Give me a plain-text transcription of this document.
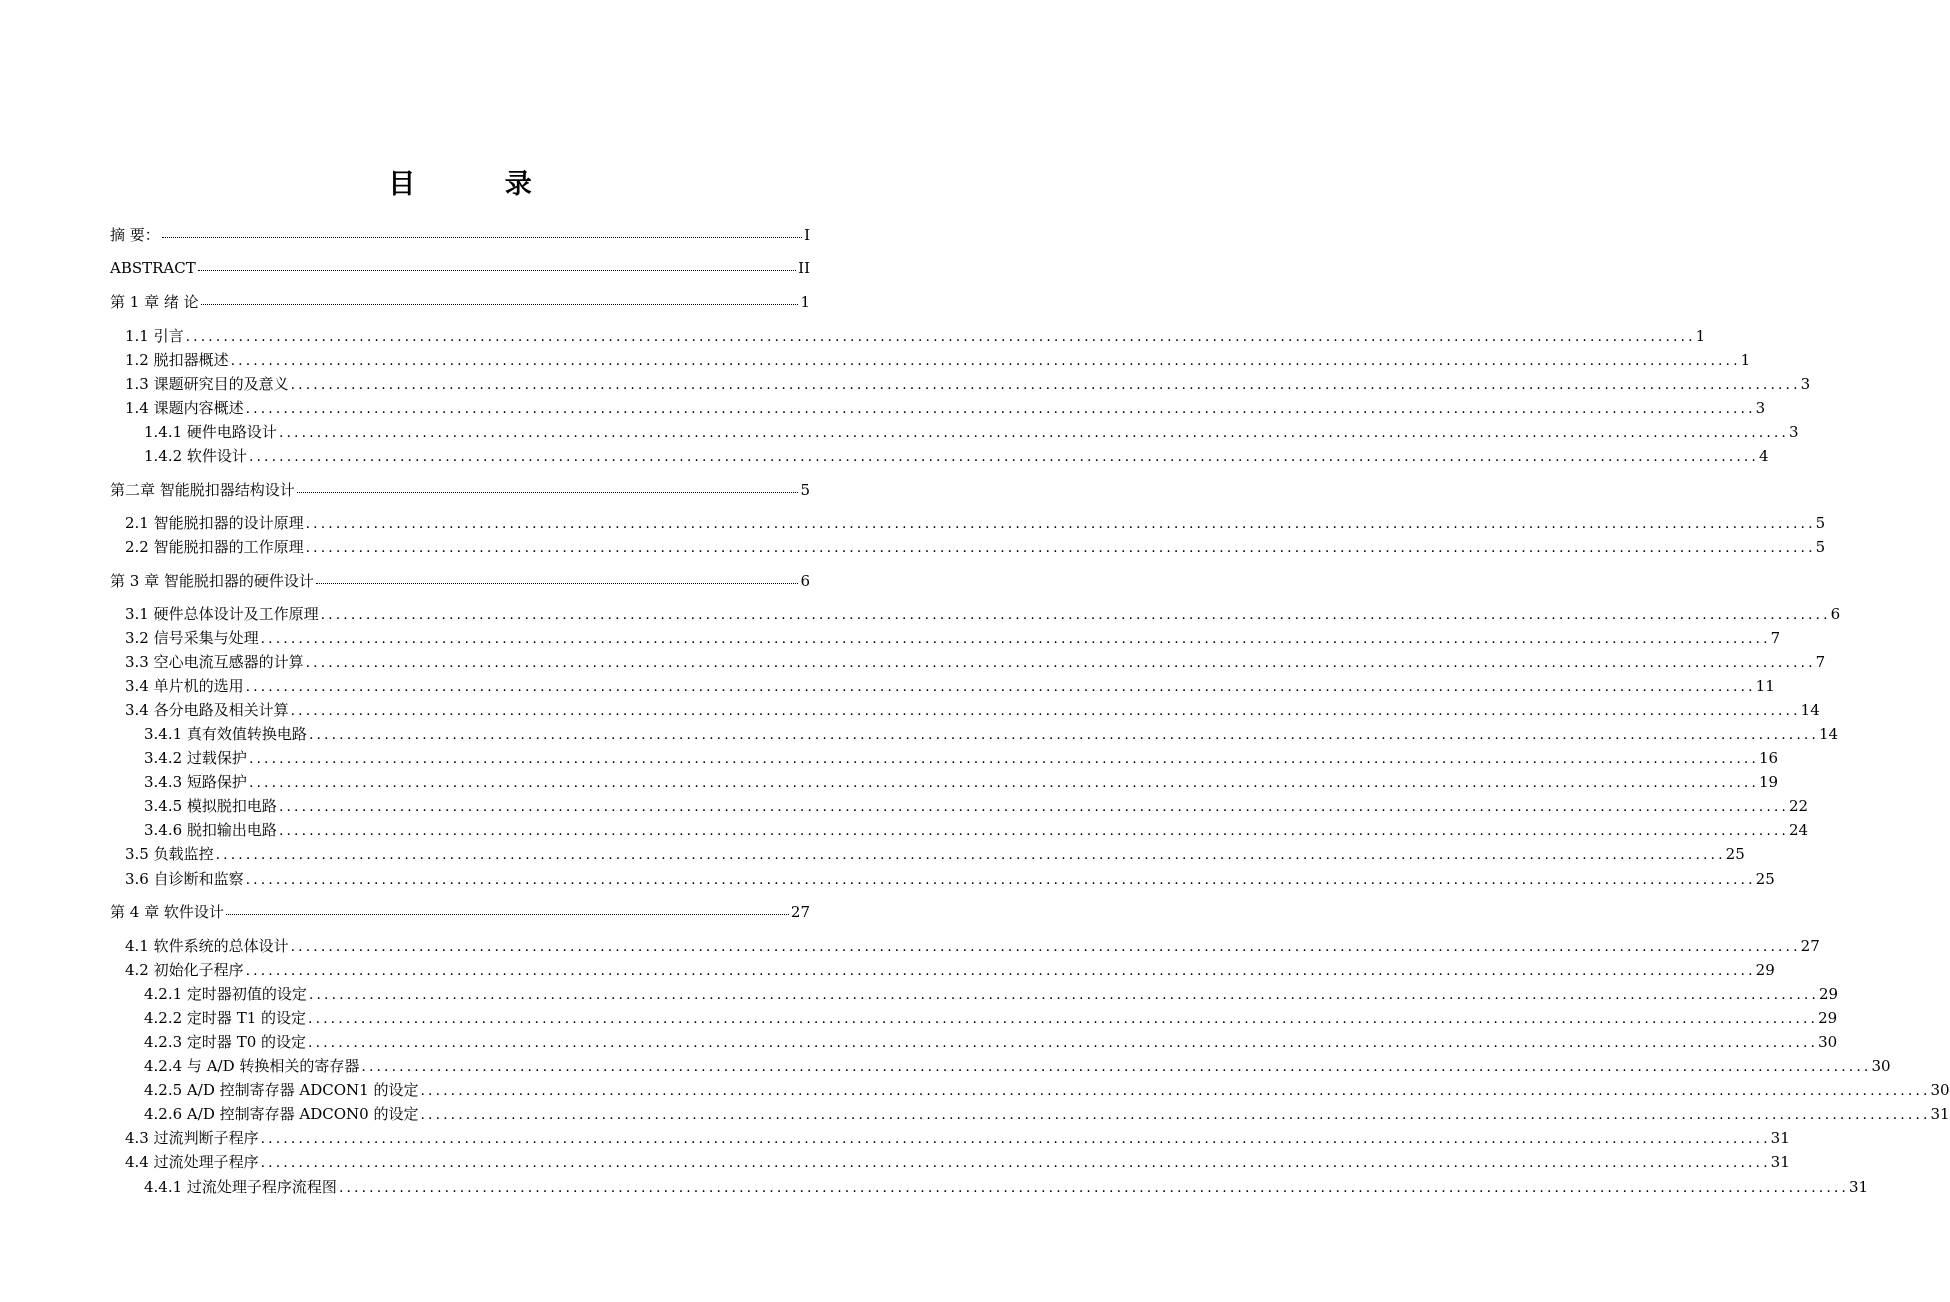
目 录
摘 要：	I
ABSTRACT	II
第 1 章 绪 论	1
1.1 引言 ........................................................................................................................................................................................................ 1
1.2 脱扣器概述 ........................................................................................................................................................................................................ 1
1.3 课题研究目的及意义 ........................................................................................................................................................................................................ 3
1.4 课题内容概述 ........................................................................................................................................................................................................ 3
1.4.1 硬件电路设计 ........................................................................................................................................................................................................ 3
1.4.2 软件设计 ........................................................................................................................................................................................................ 4
第二章 智能脱扣器结构设计	5
2.1 智能脱扣器的设计原理 ........................................................................................................................................................................................................ 5
2.2 智能脱扣器的工作原理 ........................................................................................................................................................................................................ 5
第 3 章 智能脱扣器的硬件设计	6
3.1 硬件总体设计及工作原理 ........................................................................................................................................................................................................ 6
3.2 信号采集与处理 ........................................................................................................................................................................................................ 7
3.3 空心电流互感器的计算 ........................................................................................................................................................................................................ 7
3.4 单片机的选用 ........................................................................................................................................................................................................ 11
3.4 各分电路及相关计算 ........................................................................................................................................................................................................ 14
3.4.1 真有效值转换电路 ........................................................................................................................................................................................................ 14
3.4.2 过载保护 ........................................................................................................................................................................................................ 16
3.4.3 短路保护 ........................................................................................................................................................................................................ 19
3.4.5 模拟脱扣电路 ........................................................................................................................................................................................................ 22
3.4.6 脱扣输出电路 ........................................................................................................................................................................................................ 24
3.5 负载监控 ........................................................................................................................................................................................................ 25
3.6 自诊断和监察 ........................................................................................................................................................................................................ 25
第 4 章 软件设计	27
4.1 软件系统的总体设计 ........................................................................................................................................................................................................ 27
4.2 初始化子程序 ........................................................................................................................................................................................................ 29
4.2.1 定时器初值的设定 ........................................................................................................................................................................................................ 29
4.2.2 定时器 T1 的设定 ........................................................................................................................................................................................................ 29
4.2.3 定时器 T0 的设定 ........................................................................................................................................................................................................ 30
4.2.4 与 A/D 转换相关的寄存器 ........................................................................................................................................................................................................ 30
4.2.5 A/D 控制寄存器 ADCON1 的设定 ........................................................................................................................................................................................................ 30
4.2.6 A/D 控制寄存器 ADCON0 的设定 ........................................................................................................................................................................................................ 31
4.3 过流判断子程序 ........................................................................................................................................................................................................ 31
4.4 过流处理子程序 ........................................................................................................................................................................................................ 31
4.4.1 过流处理子程序流程图 ........................................................................................................................................................................................................ 31
